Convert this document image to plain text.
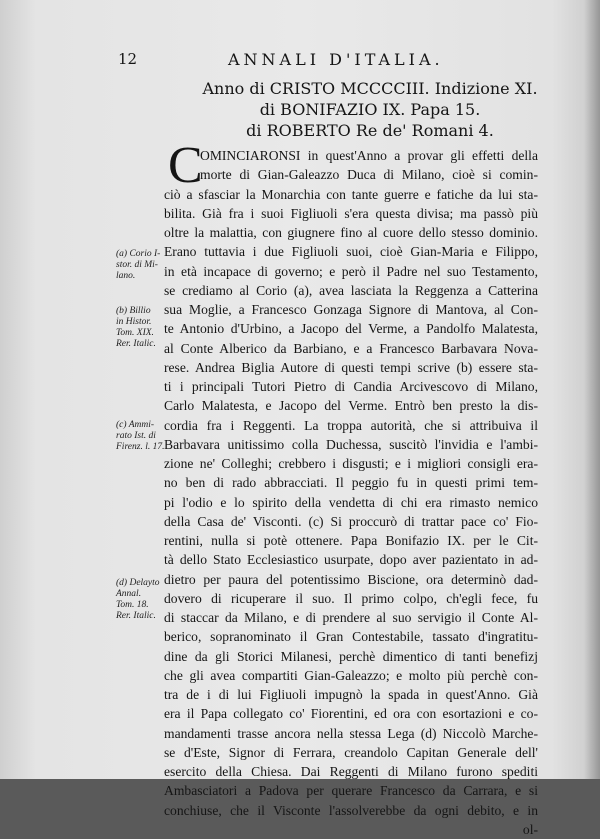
12	ANNALI D'ITALIA.
Anno di CRISTO MCCCCIII. Indizione XI.
di BONIFAZIO IX. Papa 15.
di ROBERTO Re de' Romani 4.
C
OMINCIARONSI in quest'Anno a provar gli effetti della
morte di Gian-Galeazzo Duca di Milano, cioè si comin-
ciò a sfasciar la Monarchia con tante guerre e fatiche da lui sta-
bilita. Già fra i suoi Figliuoli s'era questa divisa; ma passò più
oltre la malattia, con giugnere fino al cuore dello stesso dominio.
Erano tuttavia i due Figliuoli suoi, cioè Gian-Maria e Filippo,
in età incapace di governo; e però il Padre nel suo Testamento,
se crediamo al Corio (a), avea lasciata la Reggenza a Catterina
sua Moglie, a Francesco Gonzaga Signore di Mantova, al Con-
te Antonio d'Urbino, a Jacopo del Verme, a Pandolfo Malatesta,
al Conte Alberico da Barbiano, e a Francesco Barbavara Nova-
rese. Andrea Biglia Autore di questi tempi scrive (b) essere sta-
ti i principali Tutori Pietro di Candia Arcivescovo di Milano,
Carlo Malatesta, e Jacopo del Verme. Entrò ben presto la dis-
cordia fra i Reggenti. La troppa autorità, che si attribuiva il
Barbavara unitissimo colla Duchessa, suscitò l'invidia e l'ambi-
zione ne' Colleghi; crebbero i disgusti; e i migliori consigli era-
no ben di rado abbracciati. Il peggio fu in questi primi tem-
pi l'odio e lo spirito della vendetta di chi era rimasto nemico
della Casa de' Visconti. (c) Si proccurò di trattar pace co' Fio-
rentini, nulla si potè ottenere. Papa Bonifazio IX. per le Cit-
tà dello Stato Ecclesiastico usurpate, dopo aver pazientato in ad-
dietro per paura del potentissimo Biscione, ora determinò dad-
dovero di ricuperare il suo. Il primo colpo, ch'egli fece, fu
di staccar da Milano, e di prendere al suo servigio il Conte Al-
berico, sopranominato il Gran Contestabile, tassato d'ingratitu-
dine da gli Storici Milanesi, perchè dimentico di tanti benefizj
che gli avea compartiti Gian-Galeazzo; e molto più perchè con-
tra de i di lui Figliuoli impugnò la spada in quest'Anno. Già
era il Papa collegato co' Fiorentini, ed ora con esortazioni e co-
mandamenti trasse ancora nella stessa Lega (d) Niccolò Marche-
se d'Este, Signor di Ferrara, creandolo Capitan Generale dell'
esercito della Chiesa. Dai Reggenti di Milano furono spediti
Ambasciatori a Padova per querare Francesco da Carrara, e si
conchiuse, che il Visconte l'assolverebbe da ogni debito, e in
ol-
(a) Corio I-
stor. di Mi-
lano.
(b) Billio
in Histor.
Tom. XIX.
Rer. Italic.
(c) Ammi-
rato Ist. di
Firenz. l. 17.
(d) Delayto
Annal.
Tom. 18.
Rer. Italic.
